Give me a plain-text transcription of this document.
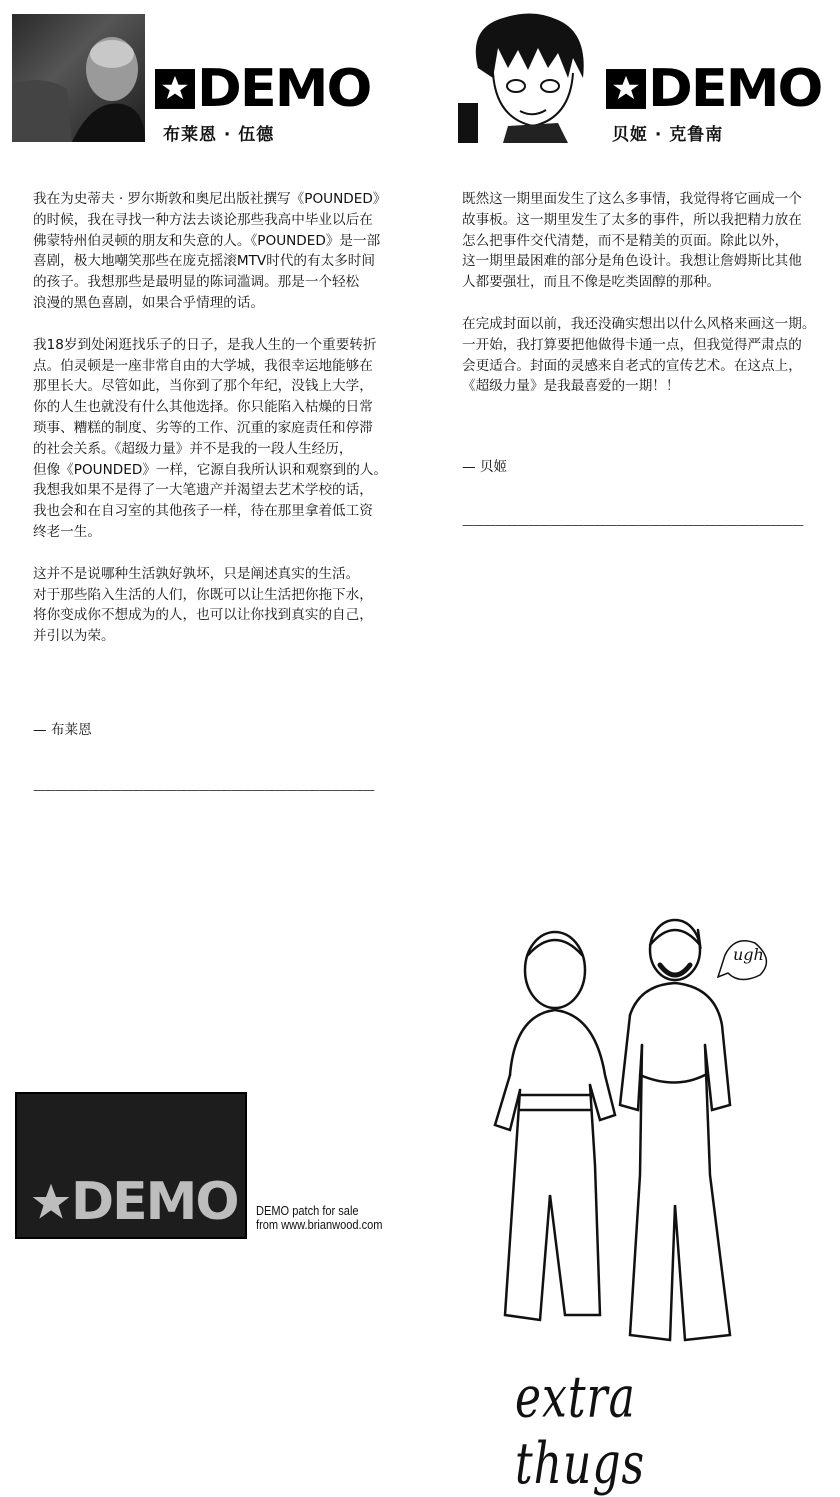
DEMO
布莱恩 · 伍德
DEMO
贝姬 · 克鲁南

我在为史蒂夫 · 罗尔斯敦和奥尼出版社撰写《POUNDED》
的时候，我在寻找一种方法去谈论那些我高中毕业以后在
佛蒙特州伯灵顿的朋友和失意的人。《POUNDED》是一部
喜剧，极大地嘲笑那些在庞克摇滚MTV时代的有太多时间
的孩子。我想那些是最明显的陈词滥调。那是一个轻松
浪漫的黑色喜剧，如果合乎情理的话。

我18岁到处闲逛找乐子的日子，是我人生的一个重要转折
点。伯灵顿是一座非常自由的大学城，我很幸运地能够在
那里长大。尽管如此，当你到了那个年纪，没钱上大学，
你的人生也就没有什么其他选择。你只能陷入枯燥的日常
琐事、糟糕的制度、劣等的工作、沉重的家庭责任和停滞
的社会关系。《超级力量》并不是我的一段人生经历，
但像《POUNDED》一样，它源自我所认识和观察到的人。
我想我如果不是得了一大笔遗产并渴望去艺术学校的话，
我也会和在自习室的其他孩子一样，待在那里拿着低工资
终老一生。

这并不是说哪种生活孰好孰坏，只是阐述真实的生活。
对于那些陷入生活的人们，你既可以让生活把你拖下水，
将你变成你不想成为的人，也可以让你找到真实的自己，
并引以为荣。

— 布莱恩
———————————————————————————————

既然这一期里面发生了这么多事情，我觉得将它画成一个
故事板。这一期里发生了太多的事件，所以我把精力放在
怎么把事件交代清楚，而不是精美的页面。除此以外，
这一期里最困难的部分是角色设计。我想让詹姆斯比其他
人都要强壮，而且不像是吃类固醇的那种。

在完成封面以前，我还没确实想出以什么风格来画这一期。
一开始，我打算要把他做得卡通一点，但我觉得严肃点的
会更适合。封面的灵感来自老式的宣传艺术。在这点上，
《超级力量》是我最喜爱的一期！！

— 贝姬
———————————————————————————————
DEMO DEMO patch for sale
from www.brianwood.com
ugh
extra thugs
